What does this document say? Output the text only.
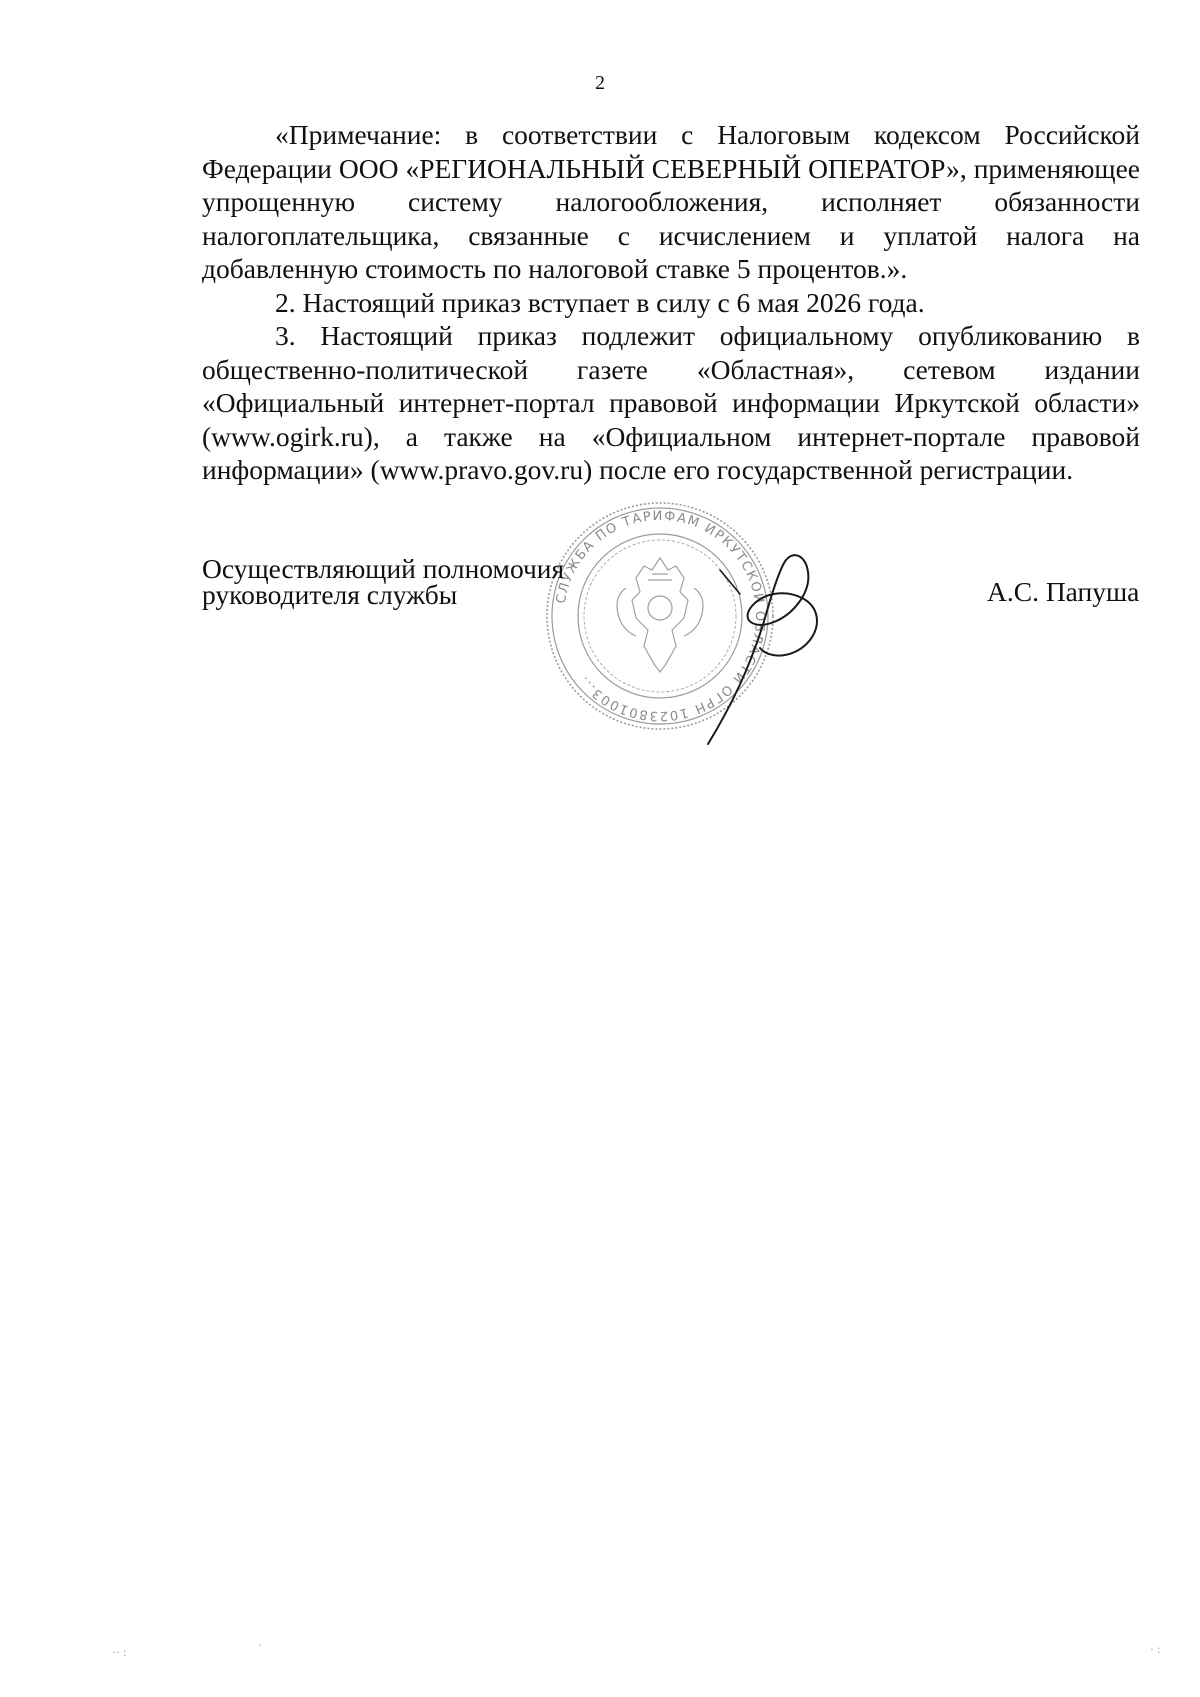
2

«Примечание: в соответствии с Налоговым кодексом Российской Федерации ООО «РЕГИОНАЛЬНЫЙ СЕВЕРНЫЙ ОПЕРАТОР», применяющее упрощенную систему налогообложения, исполняет обязанности налогоплательщика, связанные с исчислением и уплатой налога на добавленную стоимость по налоговой ставке 5 процентов.».

2. Настоящий приказ вступает в силу с 6 мая 2026 года.

3. Настоящий приказ подлежит официальному опубликованию в общественно-политической газете «Областная», сетевом издании «Официальный интернет-портал правовой информации Иркутской области» (www.ogirk.ru), а также на «Официальном интернет-портале правовой информации» (www.pravo.gov.ru) после его государственной регистрации.

Осуществляющий полномочия
руководителя службы	СЛУЖБА ПО ТАРИФАМ ИРКУТСКОЙ ОБЛАСТИ ОГРН 1023801003...
А.С. Папуша
·· :	·	· :
